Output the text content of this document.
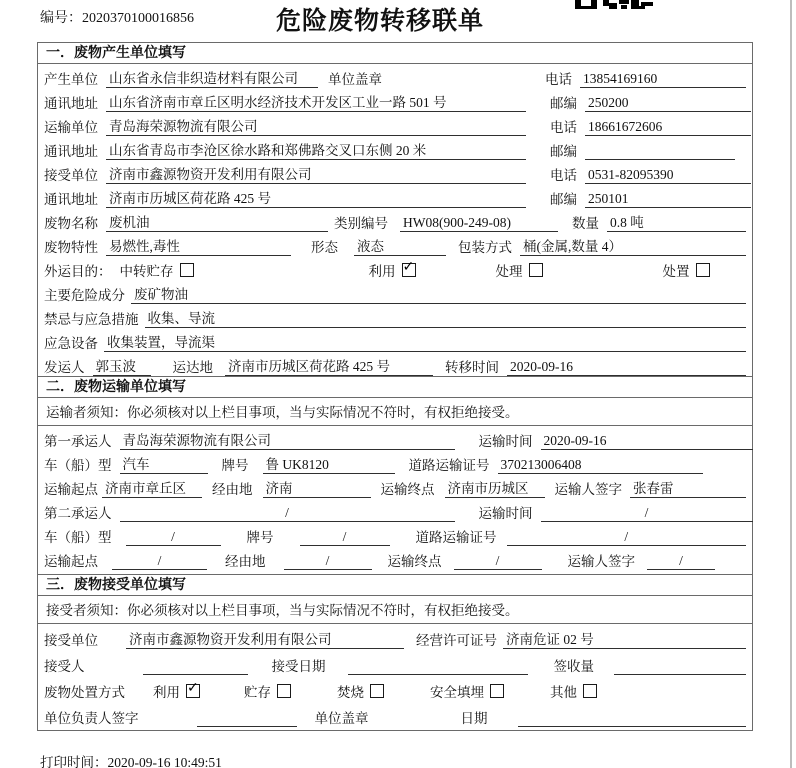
编号：2020370100016856	危险废物转移联单
一．废物产生单位填写
产生单位 山东省永信非织造材料有限公司	单位盖章	电话 13854169160
通讯地址 山东省济南市章丘区明水经济技术开发区工业一路 501 号	邮编 250200
运输单位 青岛海荣源物流有限公司	电话 18661672606
通讯地址 山东省青岛市李沧区徐水路和郑佛路交叉口东侧 20 米	邮编
接受单位 济南市鑫源物资开发利用有限公司	电话 0531-82095390
通讯地址 济南市历城区荷花路 425 号	邮编 250101
废物名称 废机油	类别编号 HW08(900-249-08)	数量 0.8 吨
废物特性 易燃性,毒性	形态 液态	包装方式 桶(金属,数量 4）
外运目的： 中转贮存	利用 ✓	处理	处置
主要危险成分 废矿物油
禁忌与应急措施 收集、导流
应急设备 收集装置，导流渠
发运人 郭玉波	运达地 济南市历城区荷花路 425 号	转移时间 2020-09-16
二．废物运输单位填写
运输者须知：你必须核对以上栏目事项，当与实际情况不符时，有权拒绝接受。
第一承运人 青岛海荣源物流有限公司	运输时间 2020-09-16
车（船）型 汽车	牌号 鲁 UK8120	道路运输证号 370213006408
运输起点 济南市章丘区	经由地 济南	运输终点 济南市历城区	运输人签字 张春雷
第二承运人	/	运输时间	/
车（船）型	/	牌号	/	道路运输证号	/
运输起点	/	经由地	/	运输终点	/	运输人签字	/
三．废物接受单位填写
接受者须知：你必须核对以上栏目事项，当与实际情况不符时，有权拒绝接受。
接受单位 济南市鑫源物资开发利用有限公司	经营许可证号 济南危证 02 号
接受人	接受日期	签收量
废物处置方式 利用 ✓	贮存	焚烧	安全填埋	其他
单位负责人签字	单位盖章	日期
打印时间：2020-09-16 10:49:51
